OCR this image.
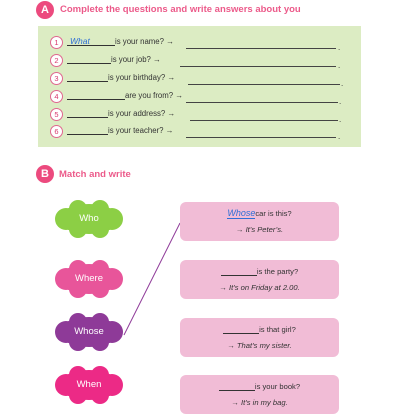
A	Complete the questions and write answers about you
1	What	is your name? →
.
2	is your job? →
.
3	is your birthday? →
.
4	are you from? →
.
5	is your address? →
.
6	is your teacher? →
.
B	Match and write
Who
Where
Whose
When
Whosecar is this?
→ It’s Peter’s.
is the party?
→ It’s on Friday at 2.00.
is that girl?
→ That’s my sister.
is your book?
→ It’s in my bag.
